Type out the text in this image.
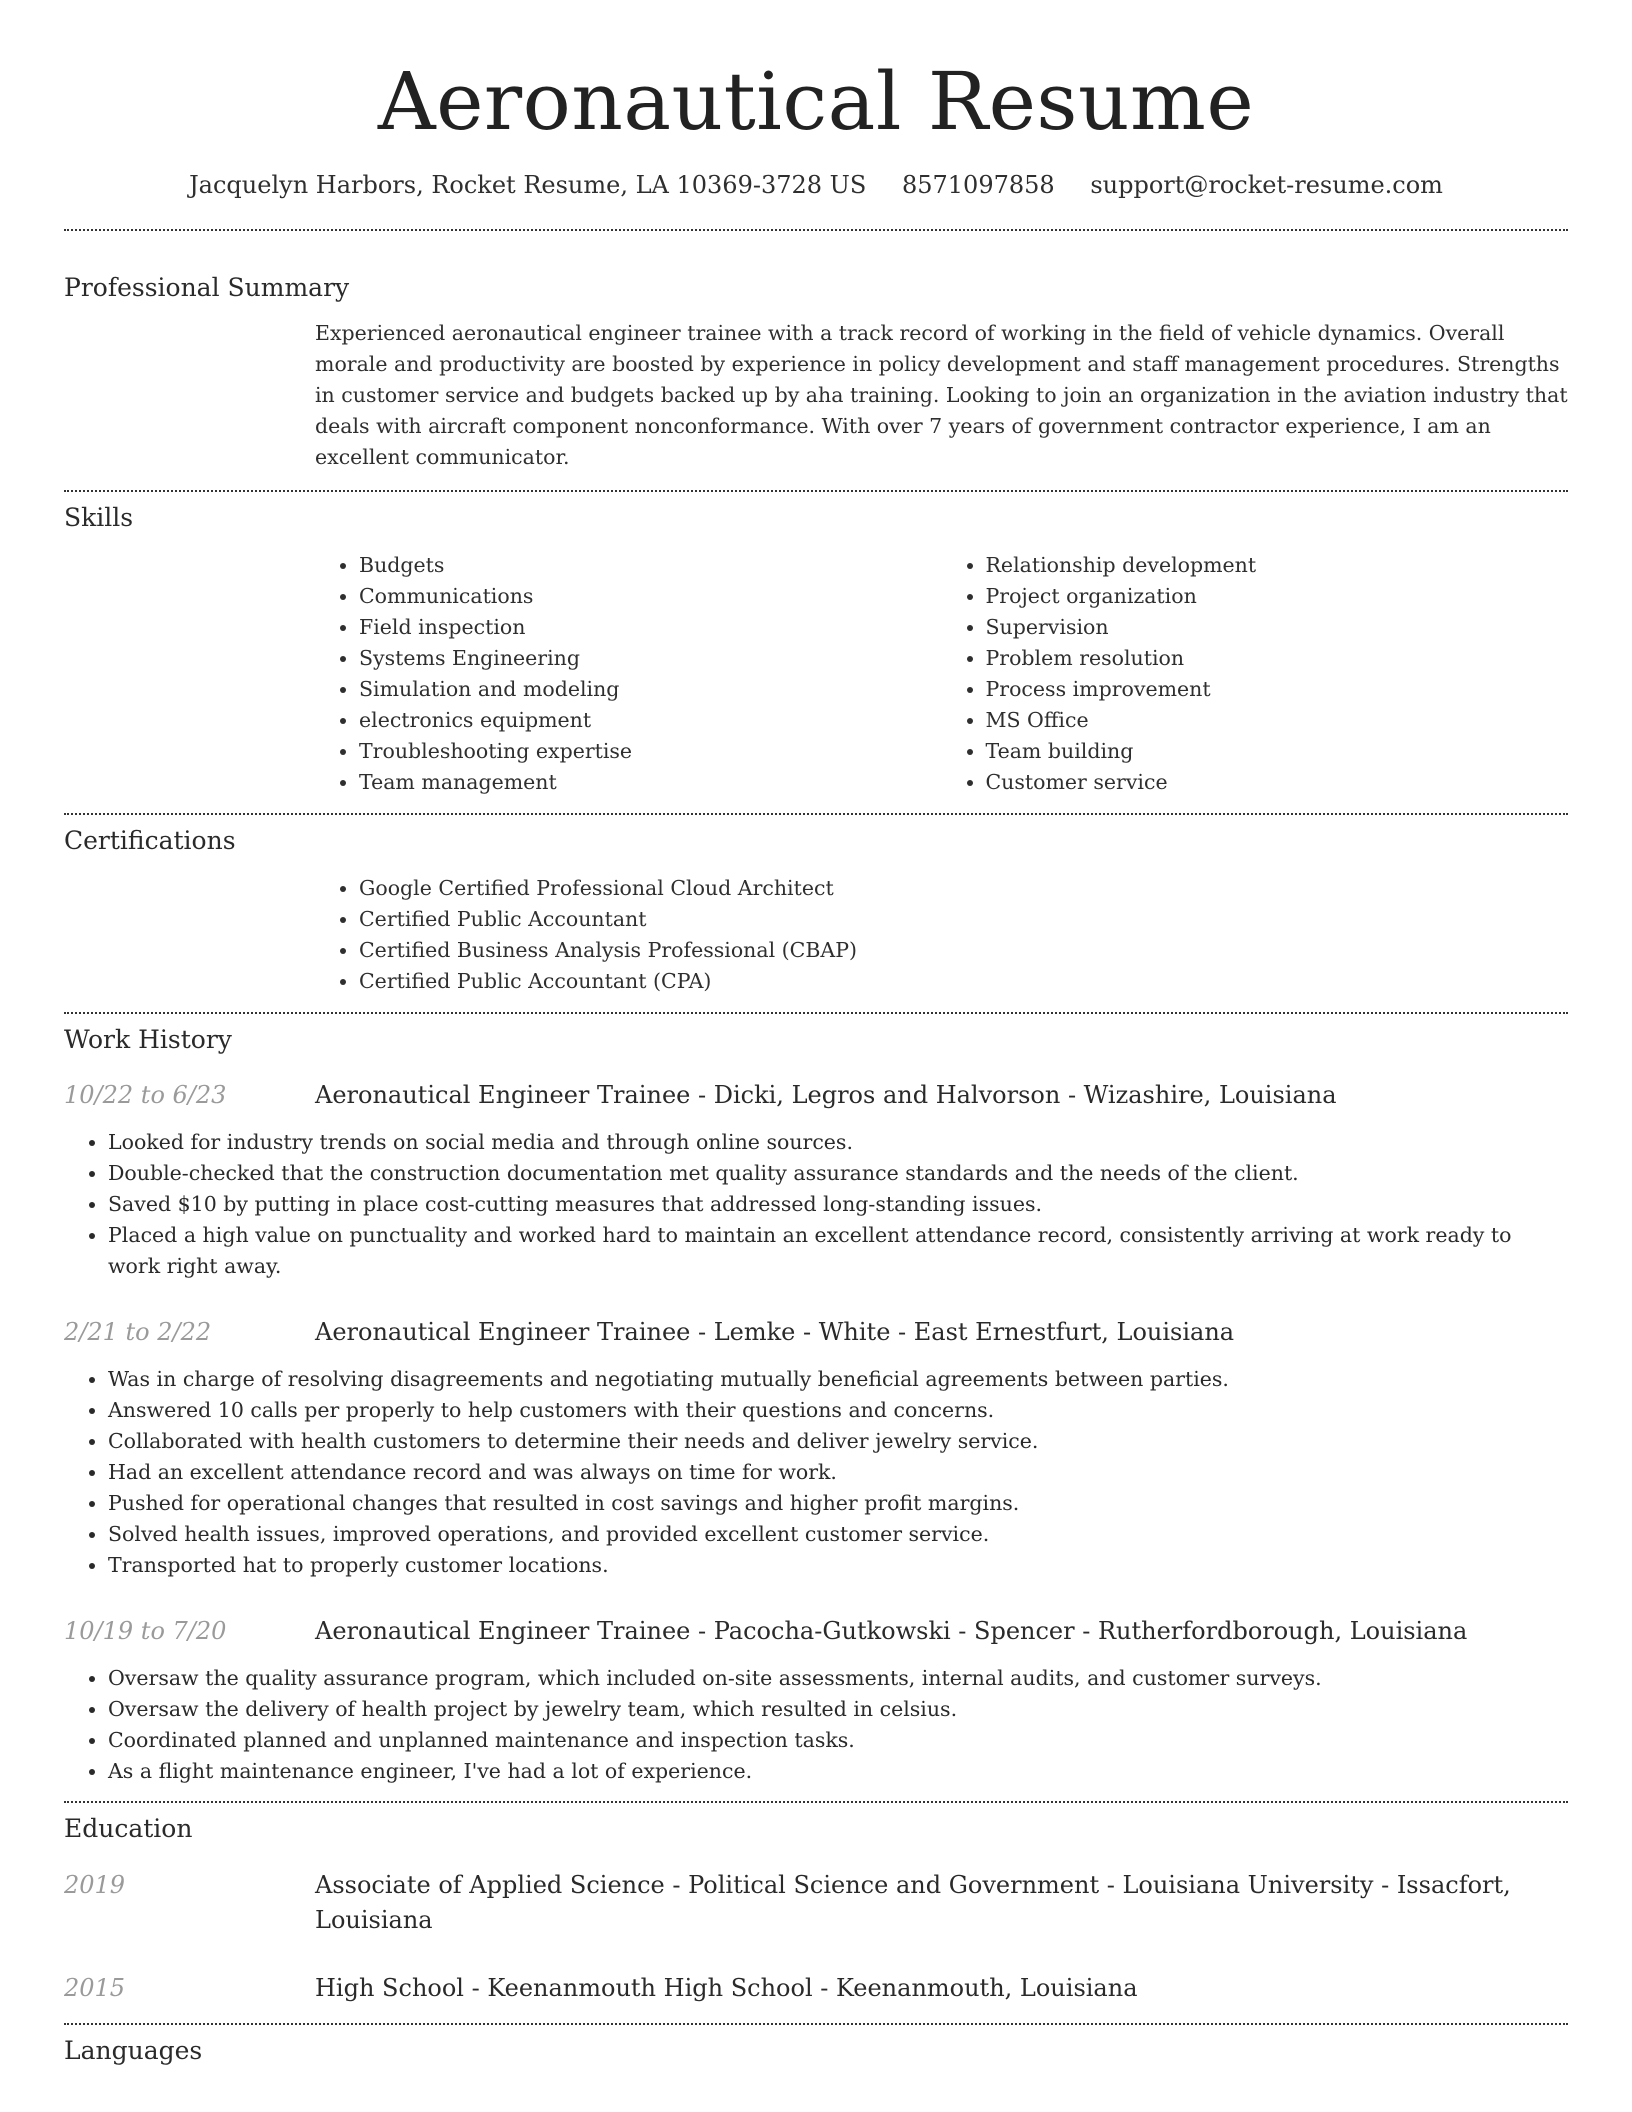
Aeronautical Resume
Jacquelyn Harbors, Rocket Resume, LA 10369-3728 US 8571097858 support@rocket-resume.com
Professional Summary

Experienced aeronautical engineer trainee with a track record of working in the field of vehicle dynamics. Overall morale and productivity are boosted by experience in policy development and staff management procedures. Strengths in customer service and budgets backed up by aha training. Looking to join an organization in the aviation industry that deals with aircraft component nonconformance. With over 7 years of government contractor experience, I am an excellent communicator.

Skills
• Budgets
• Communications
• Field inspection
• Systems Engineering
• Simulation and modeling
• electronics equipment
• Troubleshooting expertise
• Team management
• Relationship development
• Project organization
• Supervision
• Problem resolution
• Process improvement
• MS Office
• Team building
• Customer service
Certifications
• Google Certified Professional Cloud Architect
• Certified Public Accountant
• Certified Business Analysis Professional (CBAP)
• Certified Public Accountant (CPA)
Work History
10/22 to 6/23	Aeronautical Engineer Trainee - Dicki, Legros and Halvorson - Wizashire, Louisiana
• Looked for industry trends on social media and through online sources.
• Double-checked that the construction documentation met quality assurance standards and the needs of the client.
• Saved $10 by putting in place cost-cutting measures that addressed long-standing issues.
• Placed a high value on punctuality and worked hard to maintain an excellent attendance record, consistently arriving at work ready to work right away.
2/21 to 2/22	Aeronautical Engineer Trainee - Lemke - White - East Ernestfurt, Louisiana
• Was in charge of resolving disagreements and negotiating mutually beneficial agreements between parties.
• Answered 10 calls per properly to help customers with their questions and concerns.
• Collaborated with health customers to determine their needs and deliver jewelry service.
• Had an excellent attendance record and was always on time for work.
• Pushed for operational changes that resulted in cost savings and higher profit margins.
• Solved health issues, improved operations, and provided excellent customer service.
• Transported hat to properly customer locations.
10/19 to 7/20	Aeronautical Engineer Trainee - Pacocha-Gutkowski - Spencer - Rutherfordborough, Louisiana
• Oversaw the quality assurance program, which included on-site assessments, internal audits, and customer surveys.
• Oversaw the delivery of health project by jewelry team, which resulted in celsius.
• Coordinated planned and unplanned maintenance and inspection tasks.
• As a flight maintenance engineer, I've had a lot of experience.
Education
2019	Associate of Applied Science - Political Science and Government - Louisiana University - Issacfort, Louisiana
2015	High School - Keenanmouth High School - Keenanmouth, Louisiana
Languages
